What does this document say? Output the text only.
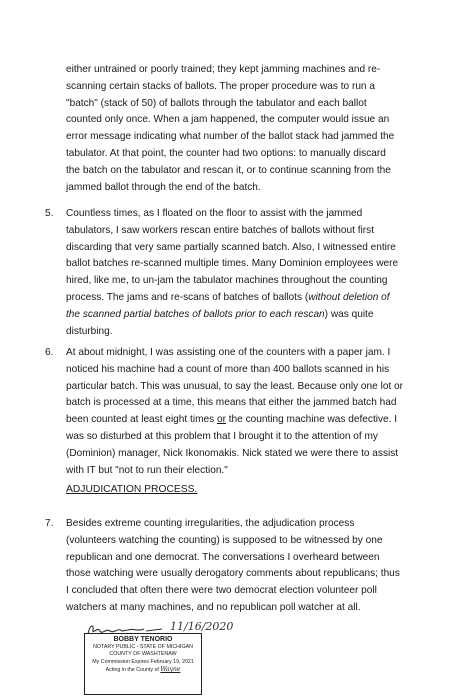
either untrained or poorly trained; they kept jamming machines and re-
scanning certain stacks of ballots. The proper procedure was to run a
"batch" (stack of 50) of ballots through the tabulator and each ballot
counted only once. When a jam happened, the computer would issue an
error message indicating what number of the ballot stack had jammed the
tabulator. At that point, the counter had two options: to manually discard
the batch on the tabulator and rescan it, or to continue scanning from the
jammed ballot through the end of the batch.
5.	Countless times, as I floated on the floor to assist with the jammed
tabulators, I saw workers rescan entire batches of ballots without first
discarding that very same partially scanned batch. Also, I witnessed entire
ballot batches re-scanned multiple times. Many Dominion employees were
hired, like me, to un-jam the tabulator machines throughout the counting
process. The jams and re-scans of batches of ballots (without deletion of
the scanned partial batches of ballots prior to each rescan) was quite
disturbing.
6.	At about midnight, I was assisting one of the counters with a paper jam. I
noticed his machine had a count of more than 400 ballots scanned in his
particular batch. This was unusual, to say the least. Because only one lot or
batch is processed at a time, this means that either the jammed batch had
been counted at least eight times or the counting machine was defective. I
was so disturbed at this problem that I brought it to the attention of my
(Dominion) manager, Nick Ikonomakis. Nick stated we were there to assist
with IT but "not to run their election."
ADJUDICATION PROCESS.
7.	Besides extreme counting irregularities, the adjudication process
(volunteers watching the counting) is supposed to be witnessed by one
republican and one democrat. The conversations I overheard between
those watching were usually derogatory comments about republicans; thus
I concluded that often there were two democrat election volunteer poll
watchers at many machines, and no republican poll watcher at all.
11/16/2020
BOBBY TENORIO
NOTARY PUBLIC - STATE OF MICHIGAN
COUNTY OF WASHTENAW
My Commission Expires February 19, 2021
Acting in the County of Wayne
